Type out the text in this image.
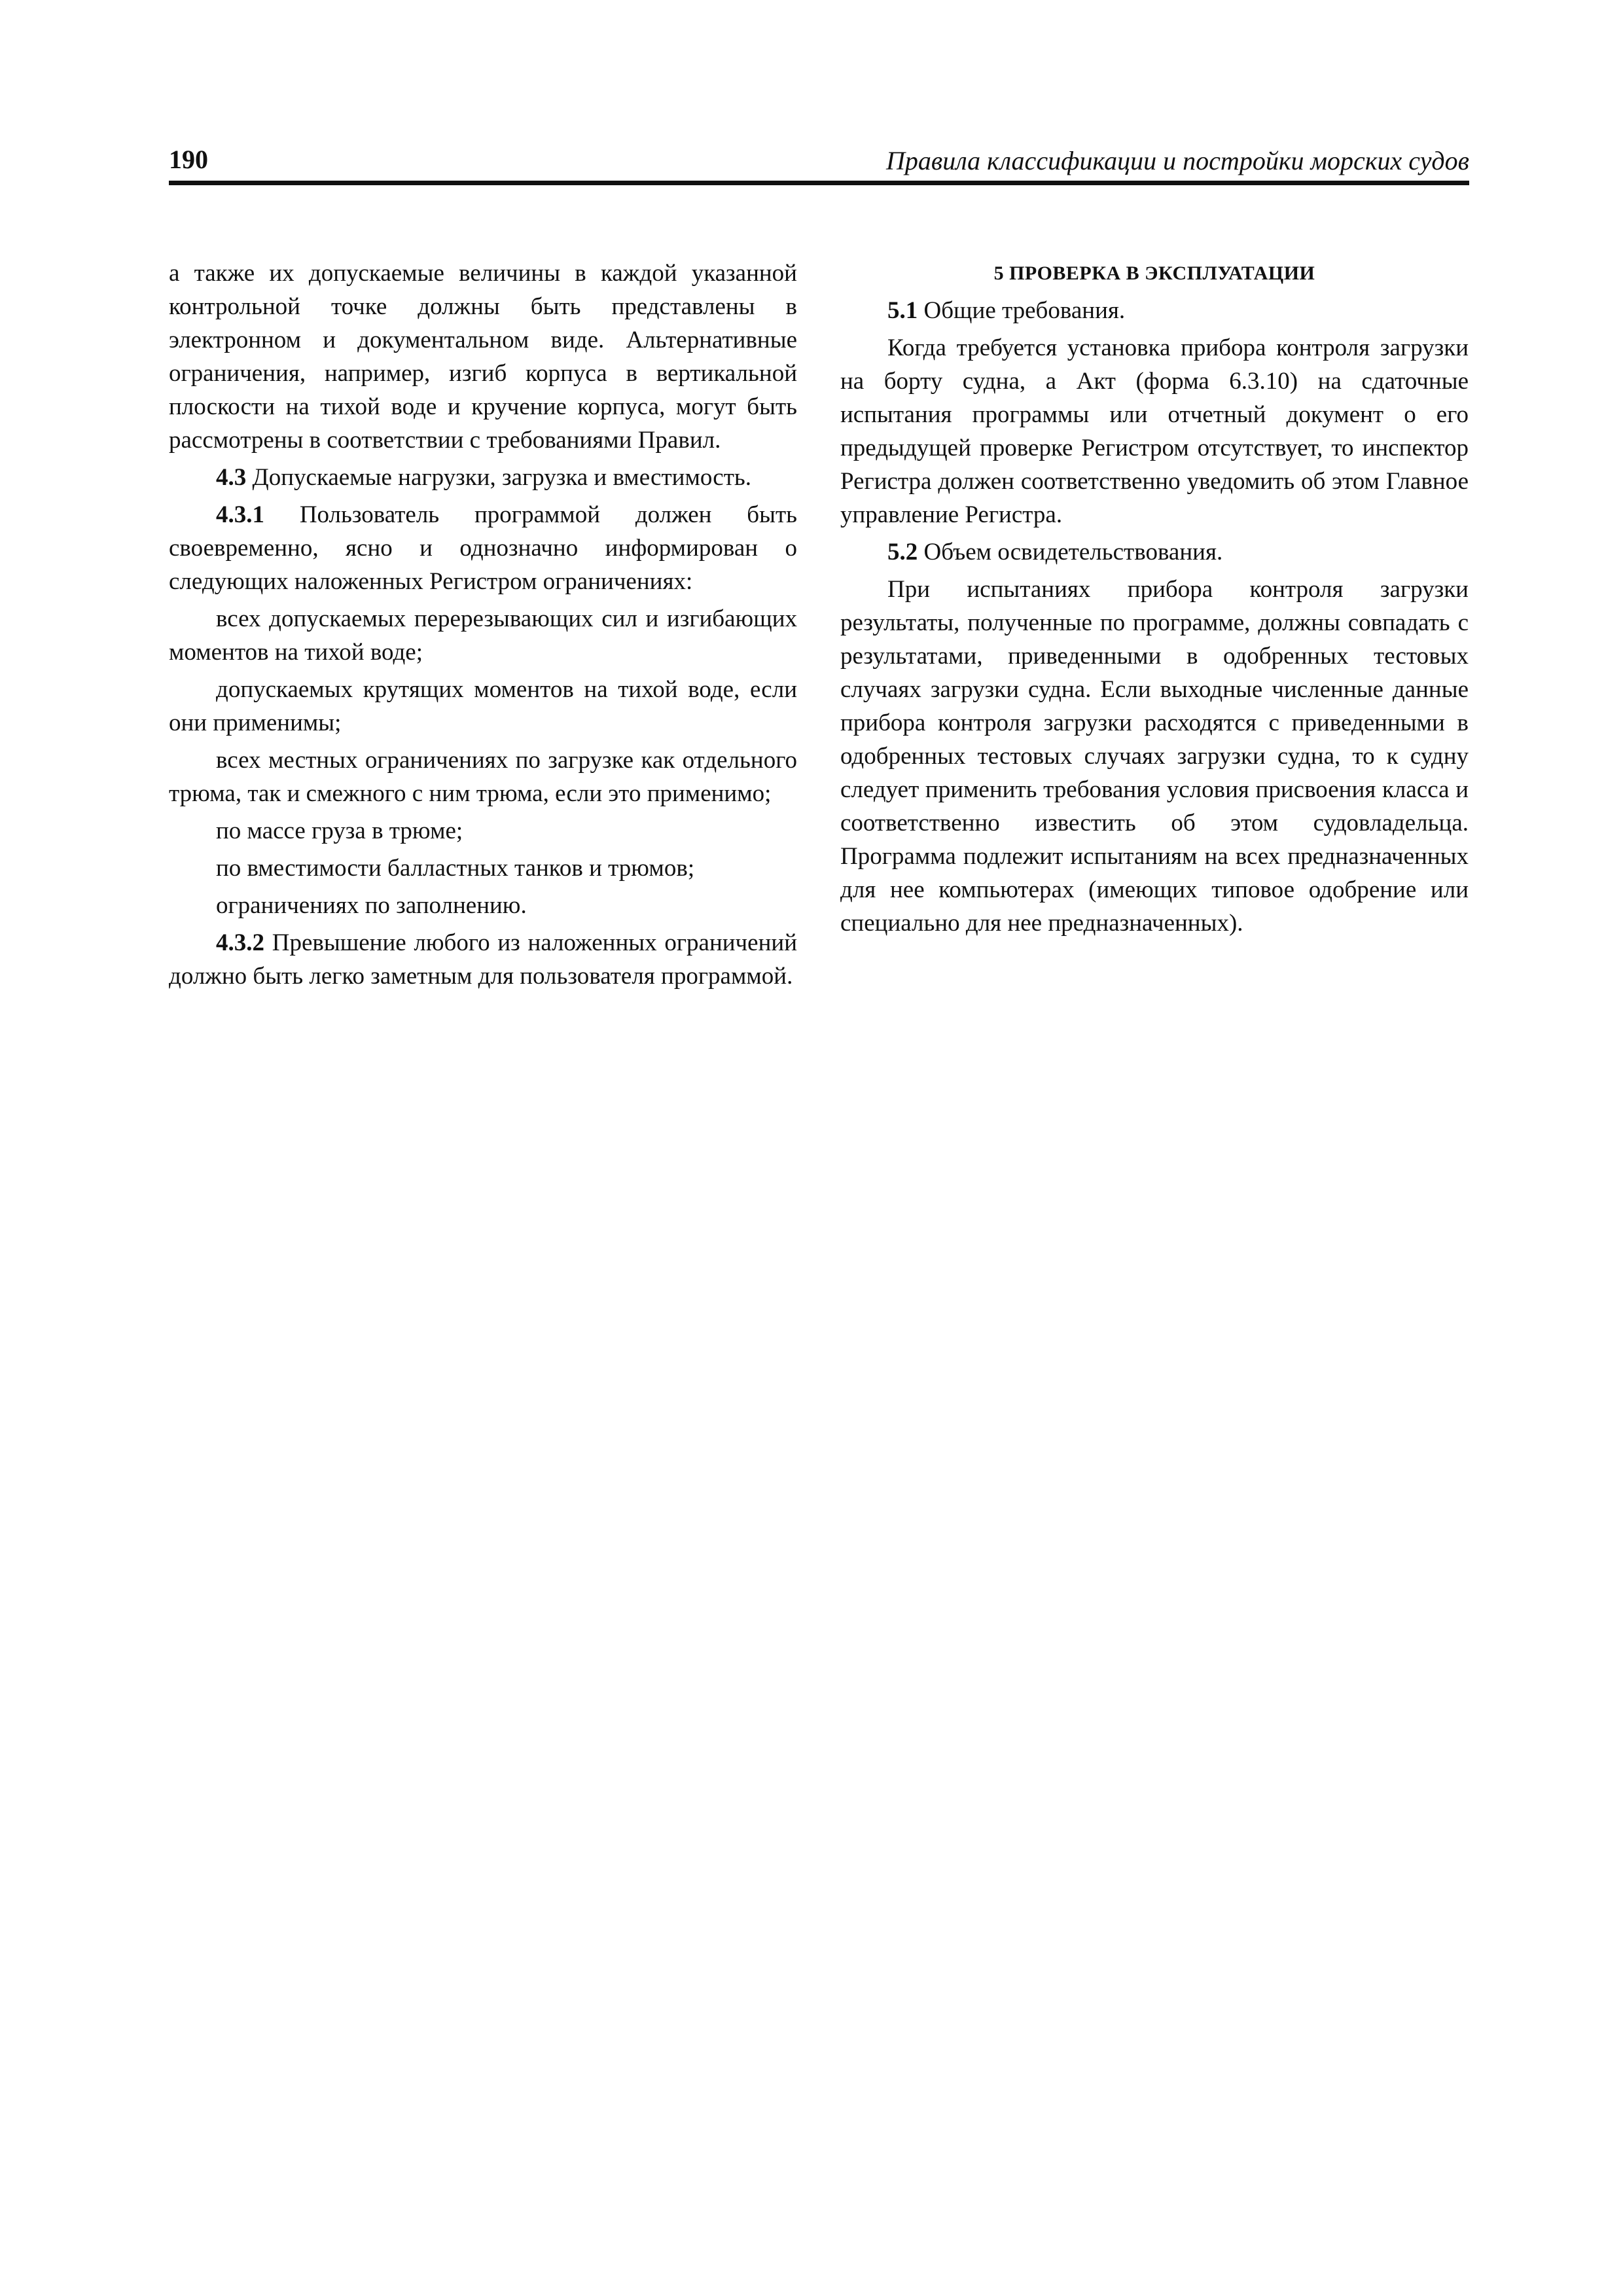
190	Правила классификации и постройки морских судов

а также их допускаемые величины в каждой указанной контрольной точке должны быть представлены в электронном и документальном виде. Альтернативные ограничения, например, изгиб корпуса в вертикальной плоскости на тихой воде и кручение корпуса, могут быть рассмотрены в соответствии с требованиями Правил.

4.3 Допускаемые нагрузки, загрузка и вместимость.

4.3.1 Пользователь программой должен быть своевременно, ясно и однозначно информирован о следующих наложенных Регистром ограничениях:

всех допускаемых перерезывающих сил и изгибающих моментов на тихой воде;

допускаемых крутящих моментов на тихой воде, если они применимы;

всех местных ограничениях по загрузке как отдельного трюма, так и смежного с ним трюма, если это применимо;

по массе груза в трюме;

по вместимости балластных танков и трюмов;

ограничениях по заполнению.

4.3.2 Превышение любого из наложенных ограничений должно быть легко заметным для пользователя программой.

5 ПРОВЕРКА В ЭКСПЛУАТАЦИИ

5.1 Общие требования.

Когда требуется установка прибора контроля загрузки на борту судна, а Акт (форма 6.3.10) на сдаточные испытания программы или отчетный документ о его предыдущей проверке Регистром отсутствует, то инспектор Регистра должен соответственно уведомить об этом Главное управление Регистра.

5.2 Объем освидетельствования.

При испытаниях прибора контроля загрузки результаты, полученные по программе, должны совпадать с результатами, приведенными в одобренных тестовых случаях загрузки судна. Если выходные численные данные прибора контроля загрузки расходятся с приведенными в одобренных тестовых случаях загрузки судна, то к судну следует применить требования условия присвоения класса и соответственно известить об этом судовладельца. Программа подлежит испытаниям на всех предназначенных для нее компьютерах (имеющих типовое одобрение или специально для нее предназначенных).
